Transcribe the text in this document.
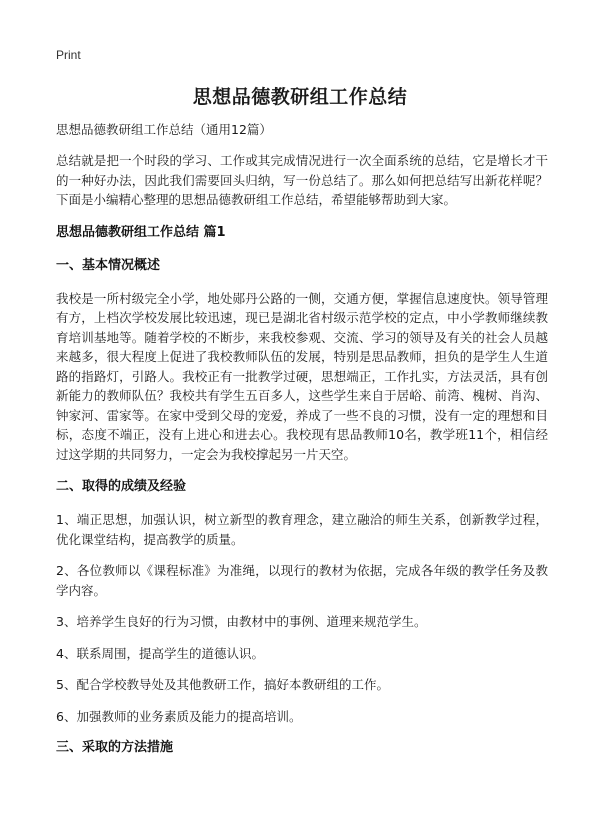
Print
思想品德教研组工作总结
思想品德教研组工作总结（通用12篇）

总结就是把一个时段的学习、工作或其完成情况进行一次全面系统的总结，它是增长才干的一种好办法，因此我们需要回头归纳，写一份总结了。那么如何把总结写出新花样呢？下面是小编精心整理的思想品德教研组工作总结，希望能够帮助到大家。

思想品德教研组工作总结 篇1
一、基本情况概述

我校是一所村级完全小学，地处郧丹公路的一侧，交通方便，掌握信息速度快。领导管理有方，上档次学校发展比较迅速，现已是湖北省村级示范学校的定点，中小学教师继续教育培训基地等。随着学校的不断步，来我校参观、交流、学习的领导及有关的社会人员越来越多，很大程度上促进了我校教师队伍的发展，特别是思品教师，担负的是学生人生道路的指路灯，引路人。我校正有一批教学过硬，思想端正，工作扎实，方法灵活，具有创新能力的教师队伍？我校共有学生五百多人，这些学生来自于居峪、前湾、槐树、肖沟、钟家河、雷家等。在家中受到父母的宠爱，养成了一些不良的习惯，没有一定的理想和目标，态度不端正，没有上进心和进去心。我校现有思品教师10名，教学班11个，相信经过这学期的共同努力，一定会为我校撑起另一片天空。

二、取得的成绩及经验
1、端正思想，加强认识，树立新型的教育理念，建立融洽的师生关系，创新教学过程，优化课堂结构，提高教学的质量。
2、各位教师以《课程标准》为准绳，以现行的教材为依据，完成各年级的教学任务及教学内容。
3、培养学生良好的行为习惯，由教材中的事例、道理来规范学生。
4、联系周围，提高学生的道德认识。
5、配合学校教导处及其他教研工作，搞好本教研组的工作。
6、加强教师的业务素质及能力的提高培训。
三、采取的方法措施
